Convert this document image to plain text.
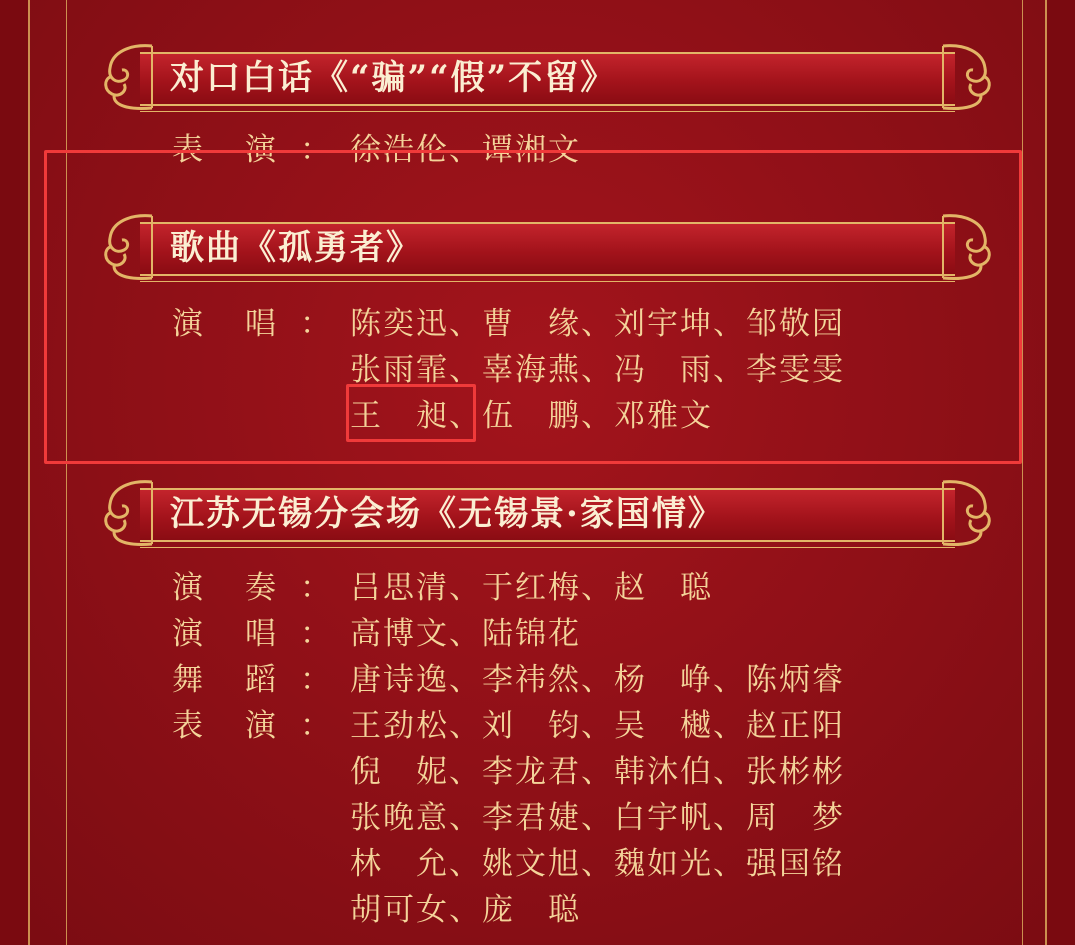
对口白话《“骗”“假”不留》
表 演 ： 徐浩伦、谭湘文
歌曲《孤勇者》
演 唱 ： 陈奕迅、曹　缘、刘宇坤、邹敬园
张雨霏、辜海燕、冯　雨、李雯雯
王　昶、伍　鹏、邓雅文
江苏无锡分会场《无锡景·家国情》
演 奏 ： 吕思清、于红梅、赵　聪
演 唱 ： 高博文、陆锦花
舞 蹈 ： 唐诗逸、李祎然、杨　峥、陈炳睿
表 演 ： 王劲松、刘　钧、吴　樾、赵正阳
倪　妮、李龙君、韩沐伯、张彬彬
张晚意、李君婕、白宇帆、周　梦
林　允、姚文旭、魏如光、强国铭
胡可女、庞　聪
